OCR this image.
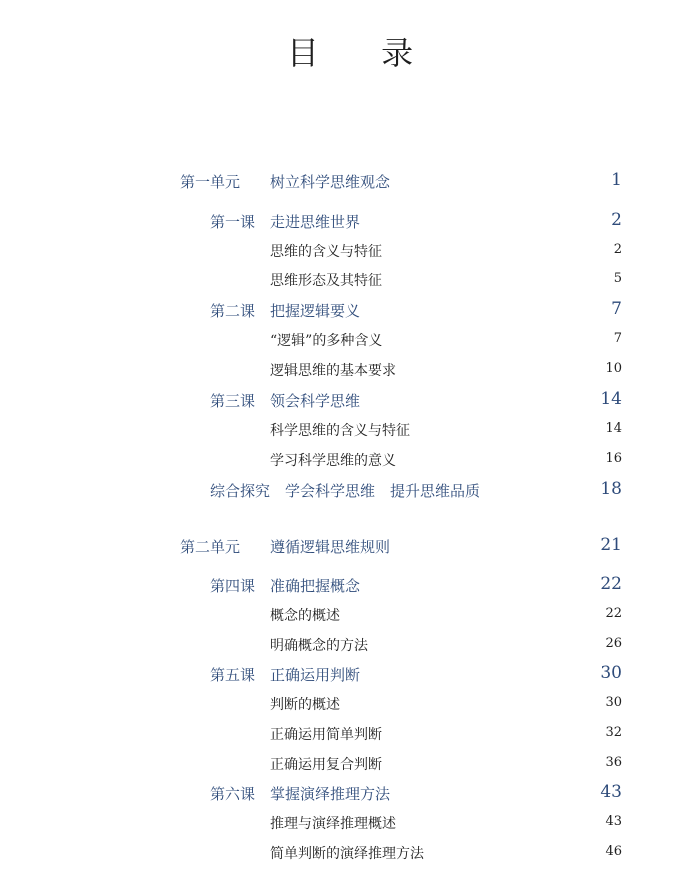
目 录
第一单元 树立科学思维观念	1
第一课 走进思维世界	2
思维的含义与特征	2
思维形态及其特征	5
第二课 把握逻辑要义	7
“逻辑”的多种含义	7
逻辑思维的基本要求	10
第三课 领会科学思维	14
科学思维的含义与特征	14
学习科学思维的意义	16
综合探究　学会科学思维　提升思维品质	18
第二单元 遵循逻辑思维规则	21
第四课 准确把握概念	22
概念的概述	22
明确概念的方法	26
第五课 正确运用判断	30
判断的概述	30
正确运用简单判断	32
正确运用复合判断	36
第六课 掌握演绎推理方法	43
推理与演绎推理概述	43
简单判断的演绎推理方法	46
